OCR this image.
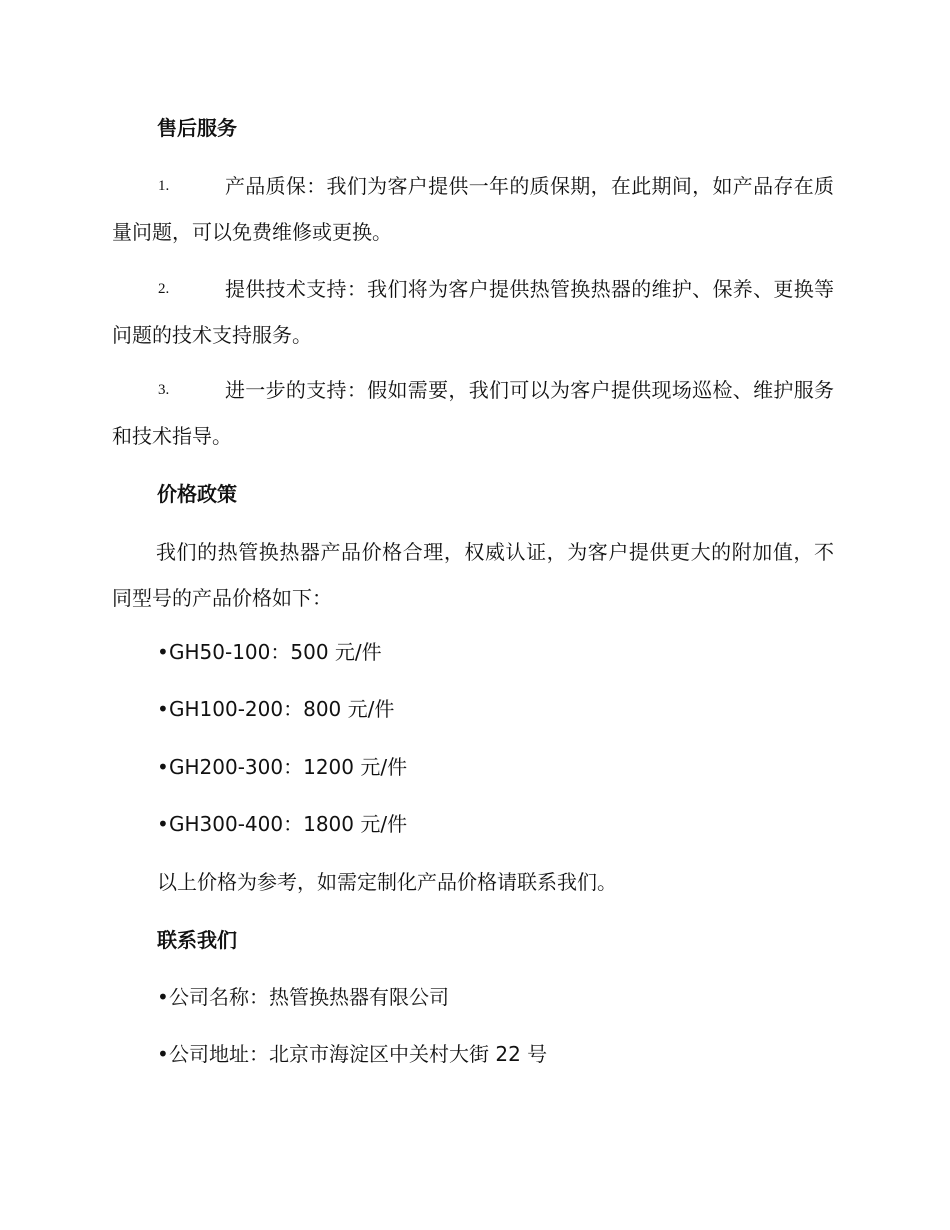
售后服务
1.	产品质保：我们为客户提供一年的质保期，在此期间，如产品存在质量问题，可以免费维修或更换。
2.	提供技术支持：我们将为客户提供热管换热器的维护、保养、更换等问题的技术支持服务。
3.	进一步的支持：假如需要，我们可以为客户提供现场巡检、维护服务和技术指导。
价格政策
我们的热管换热器产品价格合理，权威认证，为客户提供更大的附加值，不同型号的产品价格如下：
•GH50-100：500 元/件
•GH100-200：800 元/件
•GH200-300：1200 元/件
•GH300-400：1800 元/件
以上价格为参考，如需定制化产品价格请联系我们。
联系我们
•公司名称：热管换热器有限公司
•公司地址：北京市海淀区中关村大街 22 号
